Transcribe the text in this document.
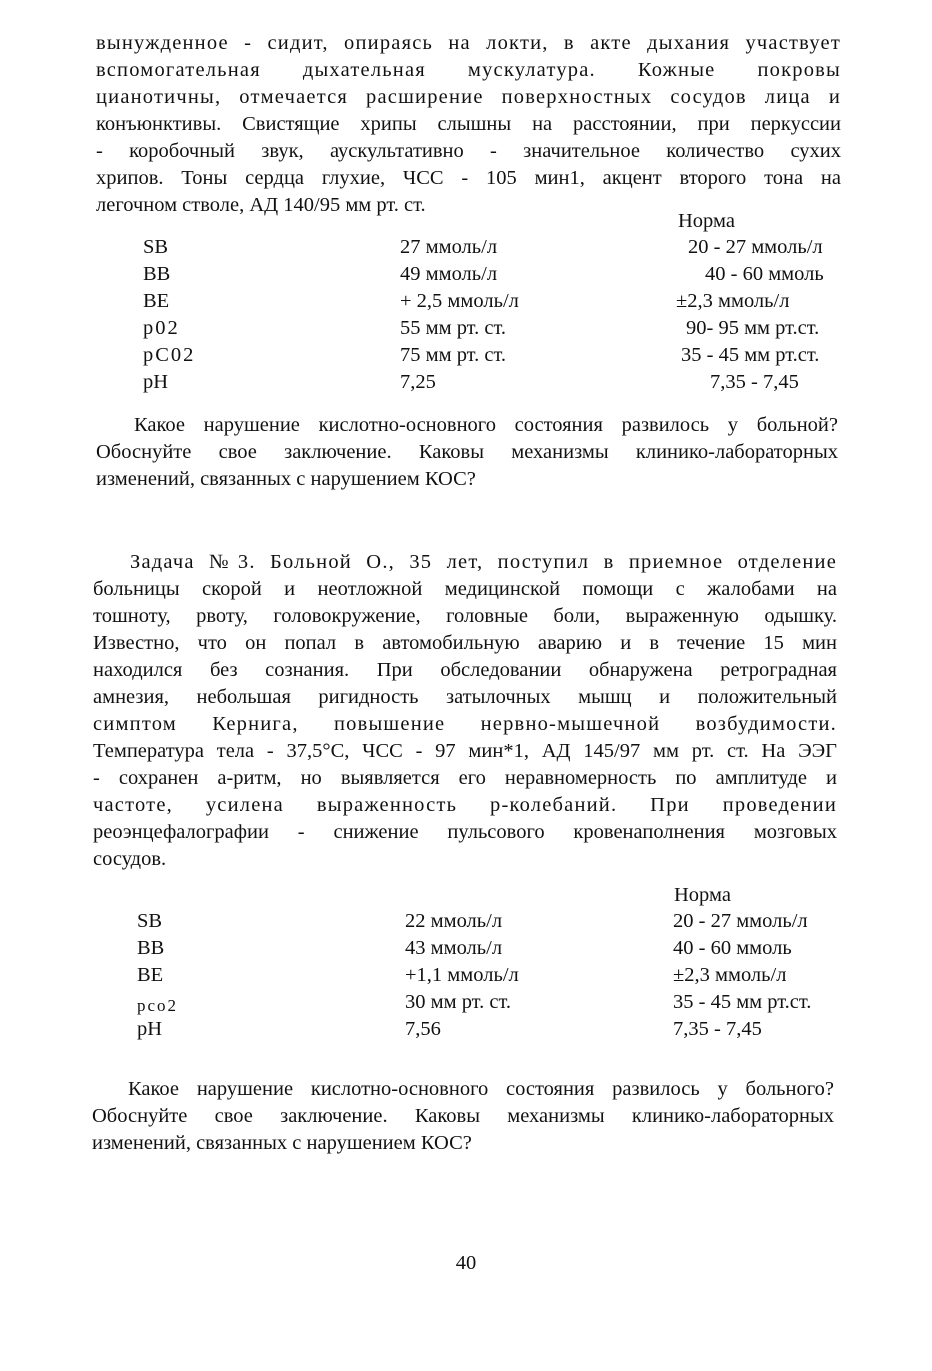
вынужденное - сидит, опираясь на локти, в акте дыхания участвует
вспомогательная дыхательная мускулатура. Кожные покровы
цианотичны, отмечается расширение поверхностных сосудов лица и
конъюнктивы. Свистящие хрипы слышны на расстоянии, при перкуссии
- коробочный звук, аускультативно - значительное количество сухих
хрипов. Тоны сердца глухие, ЧСС - 105 мин1, акцент второго тона на
легочном стволе, АД 140/95 мм рт. ст.
Норма
SB	27 ммоль/л	20 - 27 ммоль/л
ВВ	49 ммоль/л	40 - 60 ммоль
BE	+ 2,5 ммоль/л	±2,3 ммоль/л
р02	55 мм рт. ст.	90- 95 мм рт.ст.
рС02	75 мм рт. ст.	35 - 45 мм рт.ст.
pH	7,25	7,35 - 7,45
Какое нарушение кислотно-основного состояния развилось у больной?
Обоснуйте свое заключение. Каковы механизмы клинико-лабораторных
изменений, связанных с нарушением КОС?
Задача №3. Больной О., 35 лет, поступил в приемное отделение
больницы скорой и неотложной медицинской помощи с жалобами на
тошноту, рвоту, головокружение, головные боли, выраженную одышку.
Известно, что он попал в автомобильную аварию и в течение 15 мин
находился без сознания. При обследовании обнаружена ретроградная
амнезия, небольшая ригидность затылочных мышц и положительный
симптом Кернига, повышение нервно-мышечной возбудимости.
Температура тела - 37,5°С, ЧСС - 97 мин*1, АД 145/97 мм рт. ст. На ЭЭГ
- сохранен а-ритм, но выявляется его неравномерность по амплитуде и
частоте, усилена выраженность р-колебаний. При проведении
реоэнцефалографии - снижение пульсового кровенаполнения мозговых
сосудов.
Норма
SB	22 ммоль/л	20 - 27 ммоль/л
ВВ	43 ммоль/л	40 - 60 ммоль
BE	+1,1 ммоль/л	±2,3 ммоль/л
рсо2	30 мм рт. ст.	35 - 45 мм рт.ст.
pH	7,56	7,35 - 7,45
Какое нарушение кислотно-основного состояния развилось у больного?
Обоснуйте свое заключение. Каковы механизмы клинико-лабораторных
изменений, связанных с нарушением КОС?
40
